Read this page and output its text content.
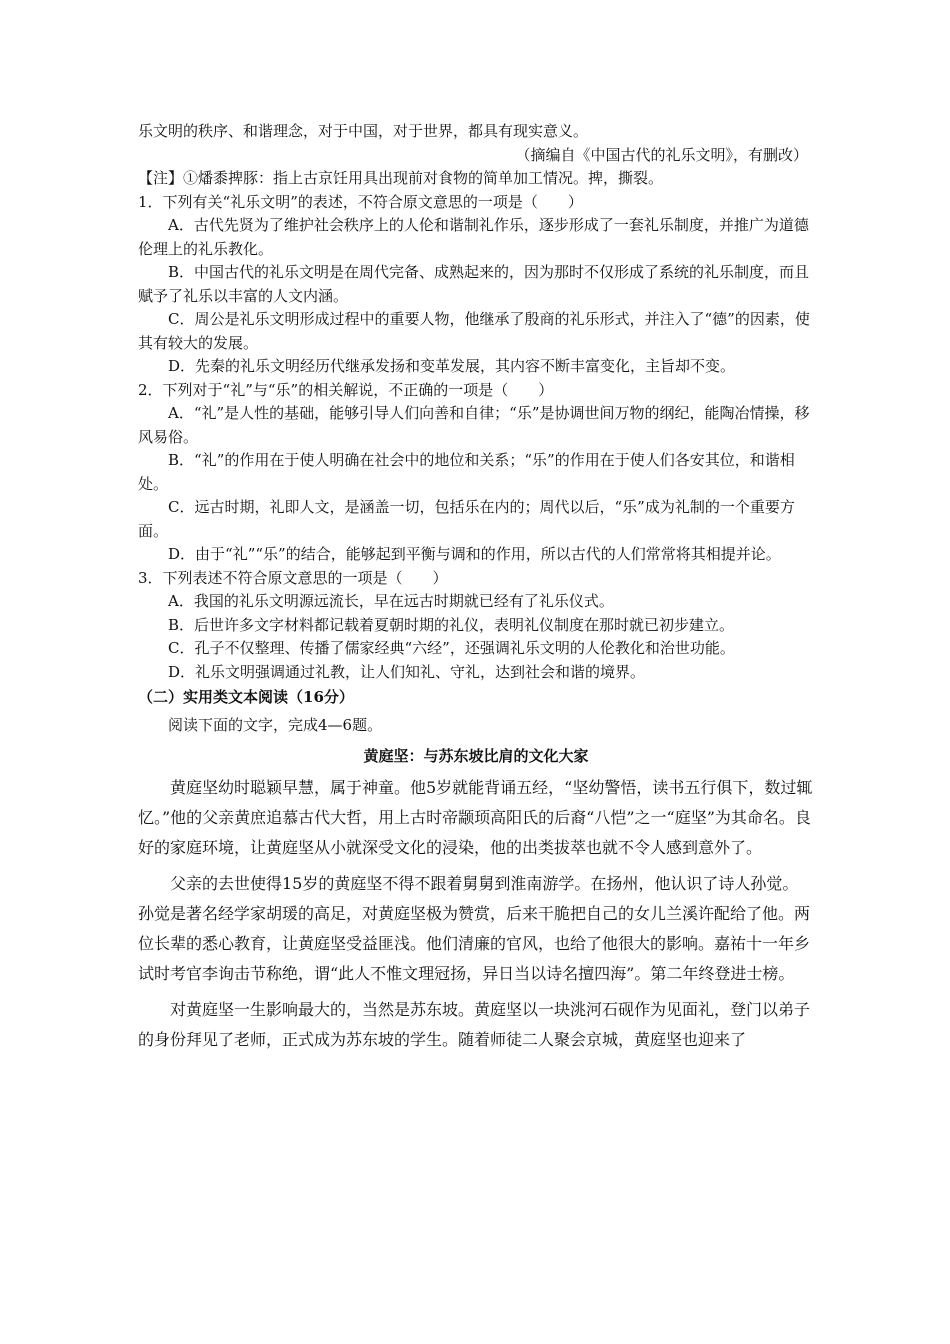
乐文明的秩序、和谐理念，对于中国，对于世界，都具有现实意义。

（摘编自《中国古代的礼乐文明》，有删改）

【注】①燔黍捭豚：指上古京饪用具出现前对食物的简单加工情况。捭，撕裂。

1．下列有关“礼乐文明”的表述，不符合原文意思的一项是（　　）

A．古代先贤为了维护社会秩序上的人伦和谐制礼作乐，逐步形成了一套礼乐制度，并推广为道德伦理上的礼乐教化。

B．中国古代的礼乐文明是在周代完备、成熟起来的，因为那时不仅形成了系统的礼乐制度，而且赋予了礼乐以丰富的人文内涵。

C．周公是礼乐文明形成过程中的重要人物，他继承了殷商的礼乐形式，并注入了“德”的因素，使其有较大的发展。

D．先秦的礼乐文明经历代继承发扬和变革发展，其内容不断丰富变化，主旨却不变。

2．下列对于“礼”与“乐”的相关解说，不正确的一项是（　　）

A．“礼”是人性的基础，能够引导人们向善和自律；“乐”是协调世间万物的纲纪，能陶冶情操，移风易俗。

B．“礼”的作用在于使人明确在社会中的地位和关系；“乐”的作用在于使人们各安其位，和谐相处。

C．远古时期，礼即人文，是涵盖一切，包括乐在内的；周代以后，“乐”成为礼制的一个重要方面。

D．由于“礼”“乐”的结合，能够起到平衡与调和的作用，所以古代的人们常常将其相提并论。

3．下列表述不符合原文意思的一项是（　　）

A．我国的礼乐文明源远流长，早在远古时期就已经有了礼乐仪式。

B．后世许多文字材料都记载着夏朝时期的礼仪，表明礼仪制度在那时就已初步建立。

C．孔子不仅整理、传播了儒家经典“六经”，还强调礼乐文明的人伦教化和治世功能。

D．礼乐文明强调通过礼教，让人们知礼、守礼，达到社会和谐的境界。

（二）实用类文本阅读（16分）

阅读下面的文字，完成4—6题。

黄庭坚：与苏东坡比肩的文化大家

黄庭坚幼时聪颖早慧，属于神童。他5岁就能背诵五经，“坚幼警悟，读书五行俱下，数过辄忆。”他的父亲黄庶追慕古代大哲，用上古时帝颛顼高阳氏的后裔“八恺”之一“庭坚”为其命名。良好的家庭环境，让黄庭坚从小就深受文化的浸染，他的出类拔萃也就不令人感到意外了。

父亲的去世使得15岁的黄庭坚不得不跟着舅舅到淮南游学。在扬州，他认识了诗人孙觉。孙觉是著名经学家胡瑗的高足，对黄庭坚极为赞赏，后来干脆把自己的女儿兰溪许配给了他。两位长辈的悉心教育，让黄庭坚受益匪浅。他们清廉的官风，也给了他很大的影响。嘉祐十一年乡试时考官李询击节称绝，谓“此人不惟文理冠扬，异日当以诗名擅四海”。第二年终登进士榜。

对黄庭坚一生影响最大的，当然是苏东坡。黄庭坚以一块洮河石砚作为见面礼，登门以弟子的身份拜见了老师，正式成为苏东坡的学生。随着师徒二人聚会京城，黄庭坚也迎来了
